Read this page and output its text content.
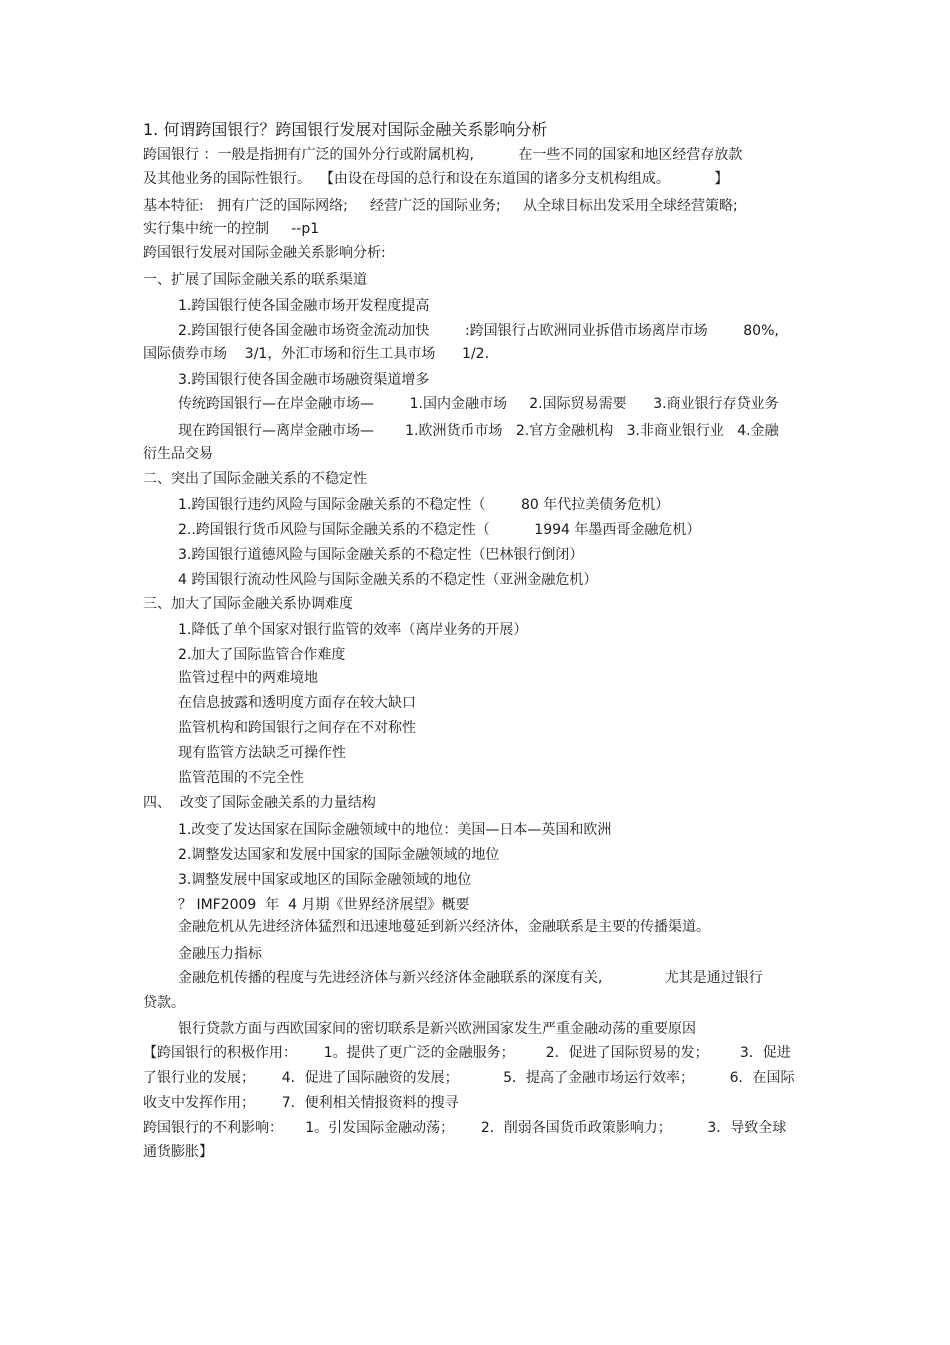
1. 何谓跨国银行？跨国银行发展对国际金融关系影响分析
跨国银行 ：一般是指拥有广泛的国外分行或附属机构,          在一些不同的国家和地区经营存放款
及其他业务的国际性银行。  【由设在母国的总行和设在东道国的诸多分支机构组成。          】
基本特征:   拥有广泛的国际网络;     经营广泛的国际业务;     从全球目标出发采用全球经营策略;
实行集中统一的控制     --p1
跨国银行发展对国际金融关系影响分析:
一、扩展了国际金融关系的联系渠道
1.跨国银行使各国金融市场开发程度提高
2.跨国银行使各国金融市场资金流动加快        :跨国银行占欧洲同业拆借市场离岸市场        80%,
国际债券市场    3/1，外汇市场和衍生工具市场      1/2.
3.跨国银行使各国金融市场融资渠道增多
传统跨国银行—在岸金融市场—        1.国内金融市场     2.国际贸易需要      3.商业银行存贷业务
现在跨国银行—离岸金融市场—       1.欧洲货币市场   2.官方金融机构   3.非商业银行业   4.金融
衍生品交易
二、突出了国际金融关系的不稳定性
1.跨国银行违约风险与国际金融关系的不稳定性（        80 年代拉美债务危机）
2..跨国银行货币风险与国际金融关系的不稳定性（          1994 年墨西哥金融危机）
3.跨国银行道德风险与国际金融关系的不稳定性（巴林银行倒闭）
4 跨国银行流动性风险与国际金融关系的不稳定性（亚洲金融危机）
三、加大了国际金融关系协调难度
1.降低了单个国家对银行监管的效率（离岸业务的开展）
2.加大了国际监管合作难度
监管过程中的两难境地
在信息披露和透明度方面存在较大缺口
监管机构和跨国银行之间存在不对称性
现有监管方法缺乏可操作性
监管范围的不完全性
四、  改变了国际金融关系的力量结构
1.改变了发达国家在国际金融领域中的地位：美国—日本—英国和欧洲
2.调整发达国家和发展中国家的国际金融领域的地位
3.调整发展中国家或地区的国际金融领域的地位
？ IMF2009  年  4 月期《世界经济展望》概要
金融危机从先进经济体猛烈和迅速地蔓延到新兴经济体，金融联系是主要的传播渠道。
金融压力指标
金融危机传播的程度与先进经济体与新兴经济体金融联系的深度有关,              尤其是通过银行
贷款。
银行贷款方面与西欧国家间的密切联系是新兴欧洲国家发生严重金融动荡的重要原因
【跨国银行的积极作用：      1。提供了更广泛的金融服务；       2．促进了国际贸易的发；       3．促进
了银行业的发展；      4．促进了国际融资的发展；          5．提高了金融市场运行效率；        6．在国际
收支中发挥作用；      7．便利相关情报资料的搜寻
跨国银行的不利影响：     1。引发国际金融动荡；      2．削弱各国货币政策影响力；        3．导致全球
通货膨胀】
